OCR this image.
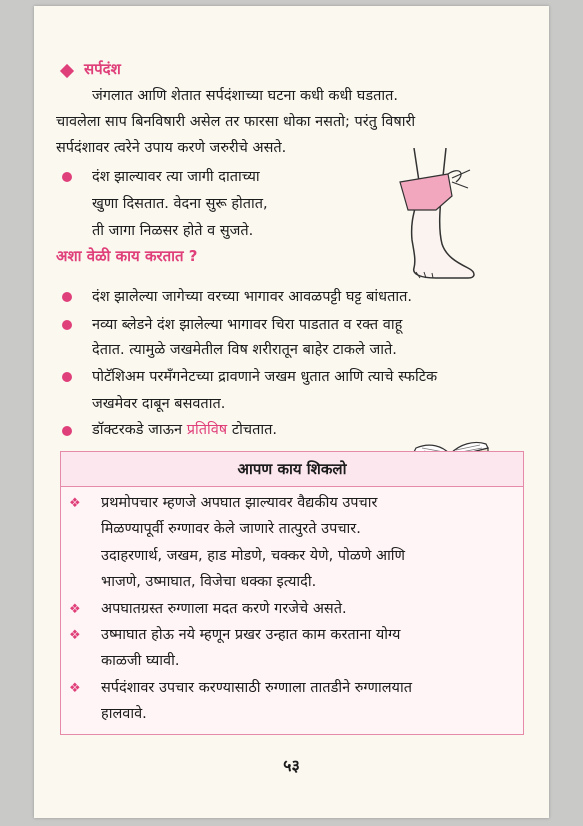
सर्पदंश
जंगलात आणि शेतात सर्पदंशाच्या घटना कधी कधी घडतात.
चावलेला साप बिनविषारी असेल तर फारसा धोका नसतो; परंतु विषारी
सर्पदंशावर त्वरेने उपाय करणे जरुरीचे असते.
दंश झाल्यावर त्या जागी दाताच्या
खुणा दिसतात. वेदना सुरू होतात,
ती जागा निळसर होते व सुजते.
अशा वेळी काय करतात ?
दंश झालेल्या जागेच्या वरच्या भागावर आवळपट्टी घट्ट बांधतात.
नव्या ब्लेडने दंश झालेल्या भागावर चिरा पाडतात व रक्त वाहू
देतात. त्यामुळे जखमेतील विष शरीरातून बाहेर टाकले जाते.
पोटॅशिअम परमँगनेटच्या द्रावणाने जखम धुतात आणि त्याचे स्फटिक
जखमेवर दाबून बसवतात.
डॉक्टरकडे जाऊन प्रतिविष टोचतात.
आपण काय शिकलो
❖ प्रथमोपचार म्हणजे अपघात झाल्यावर वैद्यकीय उपचार
मिळण्यापूर्वी रुग्णावर केले जाणारे तात्पुरते उपचार.
उदाहरणार्थ, जखम, हाड मोडणे, चक्कर येणे, पोळणे आणि
भाजणे, उष्माघात, विजेचा धक्का इत्यादी.
❖ अपघातग्रस्त रुग्णाला मदत करणे गरजेचे असते.
❖ उष्माघात होऊ नये म्हणून प्रखर उन्हात काम करताना योग्य
काळजी घ्यावी.
❖ सर्पदंशावर उपचार करण्यासाठी रुग्णाला तातडीने रुग्णालयात
हालवावे.
५३
